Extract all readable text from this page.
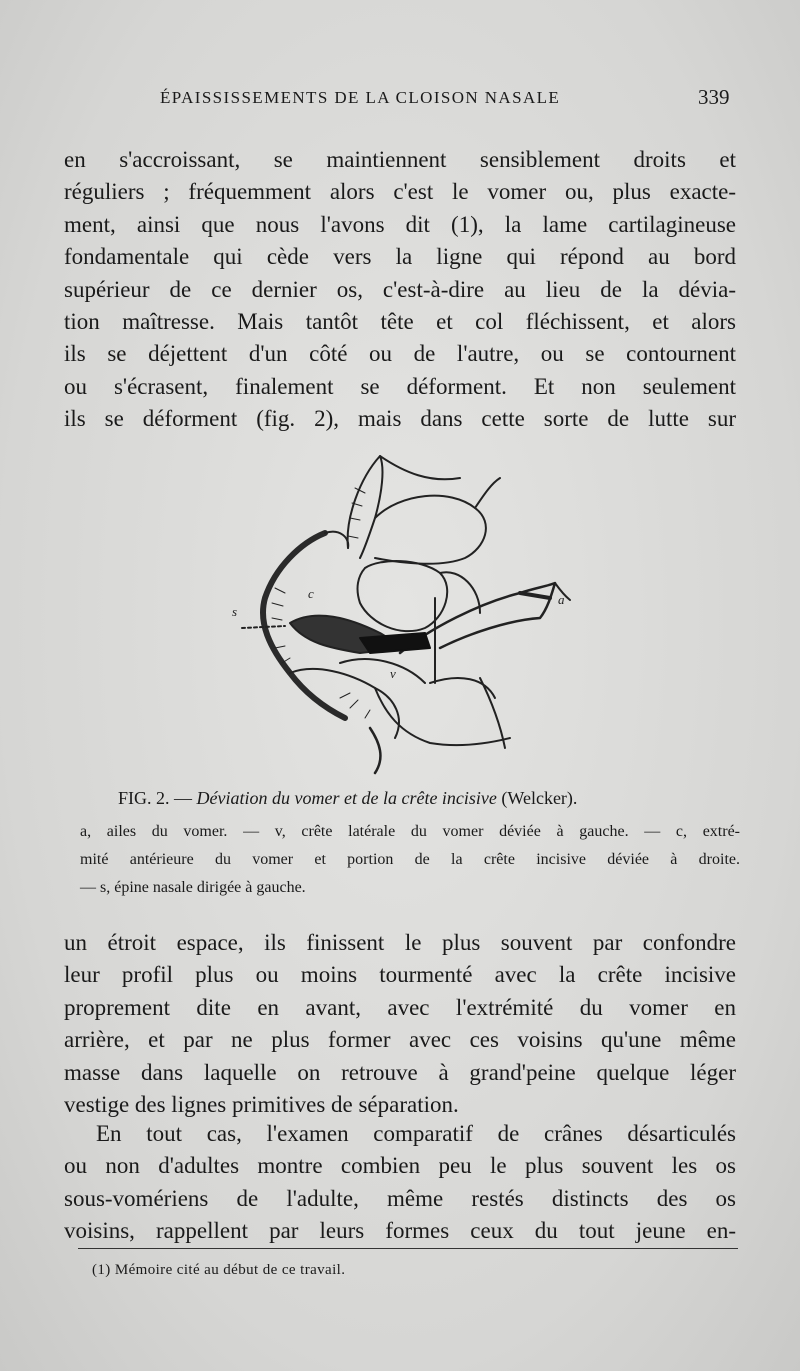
ÉPAISSISSEMENTS DE LA CLOISON NASALE	339
en s'accroissant, se maintiennent sensiblement droits et
réguliers ; fréquemment alors c'est le vomer ou, plus exacte-
ment, ainsi que nous l'avons dit (1), la lame cartilagineuse
fondamentale qui cède vers la ligne qui répond au bord
supérieur de ce dernier os, c'est-à-dire au lieu de la dévia-
tion maîtresse. Mais tantôt tête et col fléchissent, et alors
ils se déjettent d'un côté ou de l'autre, ou se contournent
ou s'écrasent, finalement se déforment. Et non seulement
ils se déforment (fig. 2), mais dans cette sorte de lutte sur
a
c
v
s
FIG. 2. — Déviation du vomer et de la crête incisive (Welcker).
a, ailes du vomer. — v, crête latérale du vomer déviée à gauche. — c, extré-
mité antérieure du vomer et portion de la crête incisive déviée à droite.
— s, épine nasale dirigée à gauche.
un étroit espace, ils finissent le plus souvent par confondre
leur profil plus ou moins tourmenté avec la crête incisive
proprement dite en avant, avec l'extrémité du vomer en
arrière, et par ne plus former avec ces voisins qu'une même
masse dans laquelle on retrouve à grand'peine quelque léger
vestige des lignes primitives de séparation.
En tout cas, l'examen comparatif de crânes désarticulés
ou non d'adultes montre combien peu le plus souvent les os
sous-vomériens de l'adulte, même restés distincts des os
voisins, rappellent par leurs formes ceux du tout jeune en-
(1) Mémoire cité au début de ce travail.
